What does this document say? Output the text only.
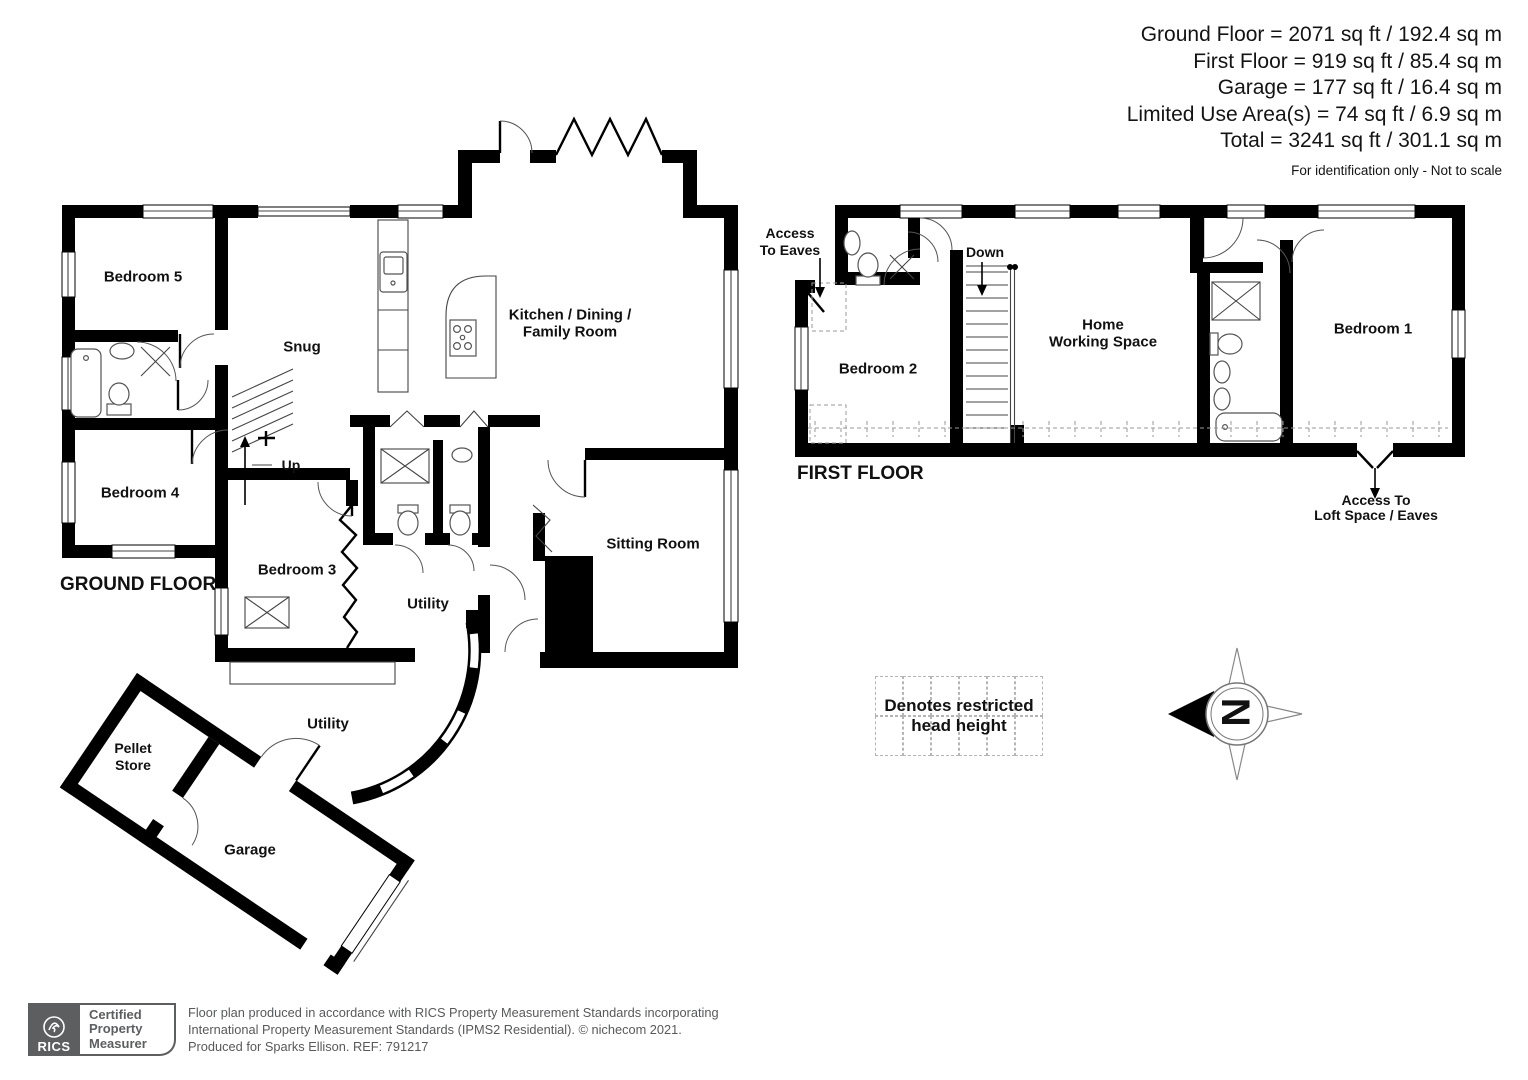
Bedroom 5
Snug
Kitchen / Dining /
Family Room
Bedroom 4
Bedroom 3
Utility
Sitting Room
Utility
Pellet
Store
Garage
Up
GROUND FLOOR
Access
To Eaves	Down
Bedroom 2
Home
Working Space
Bedroom 1
FIRST FLOOR
Access To
Loft Space / Eaves
Ground Floor = 2071 sq ft / 192.4 sq m
First Floor = 919 sq ft / 85.4 sq m
Garage = 177 sq ft / 16.4 sq m
Limited Use Area(s) = 74 sq ft / 6.9 sq m
Total = 3241 sq ft / 301.1 sq m
For identification only - Not to scale
Denotes restricted
head height	N
RICS
Certified
Property
Measurer
Floor plan produced in accordance with RICS Property Measurement Standards incorporating
International Property Measurement Standards (IPMS2 Residential). © nichecom 2021.
Produced for Sparks Ellison. REF: 791217
